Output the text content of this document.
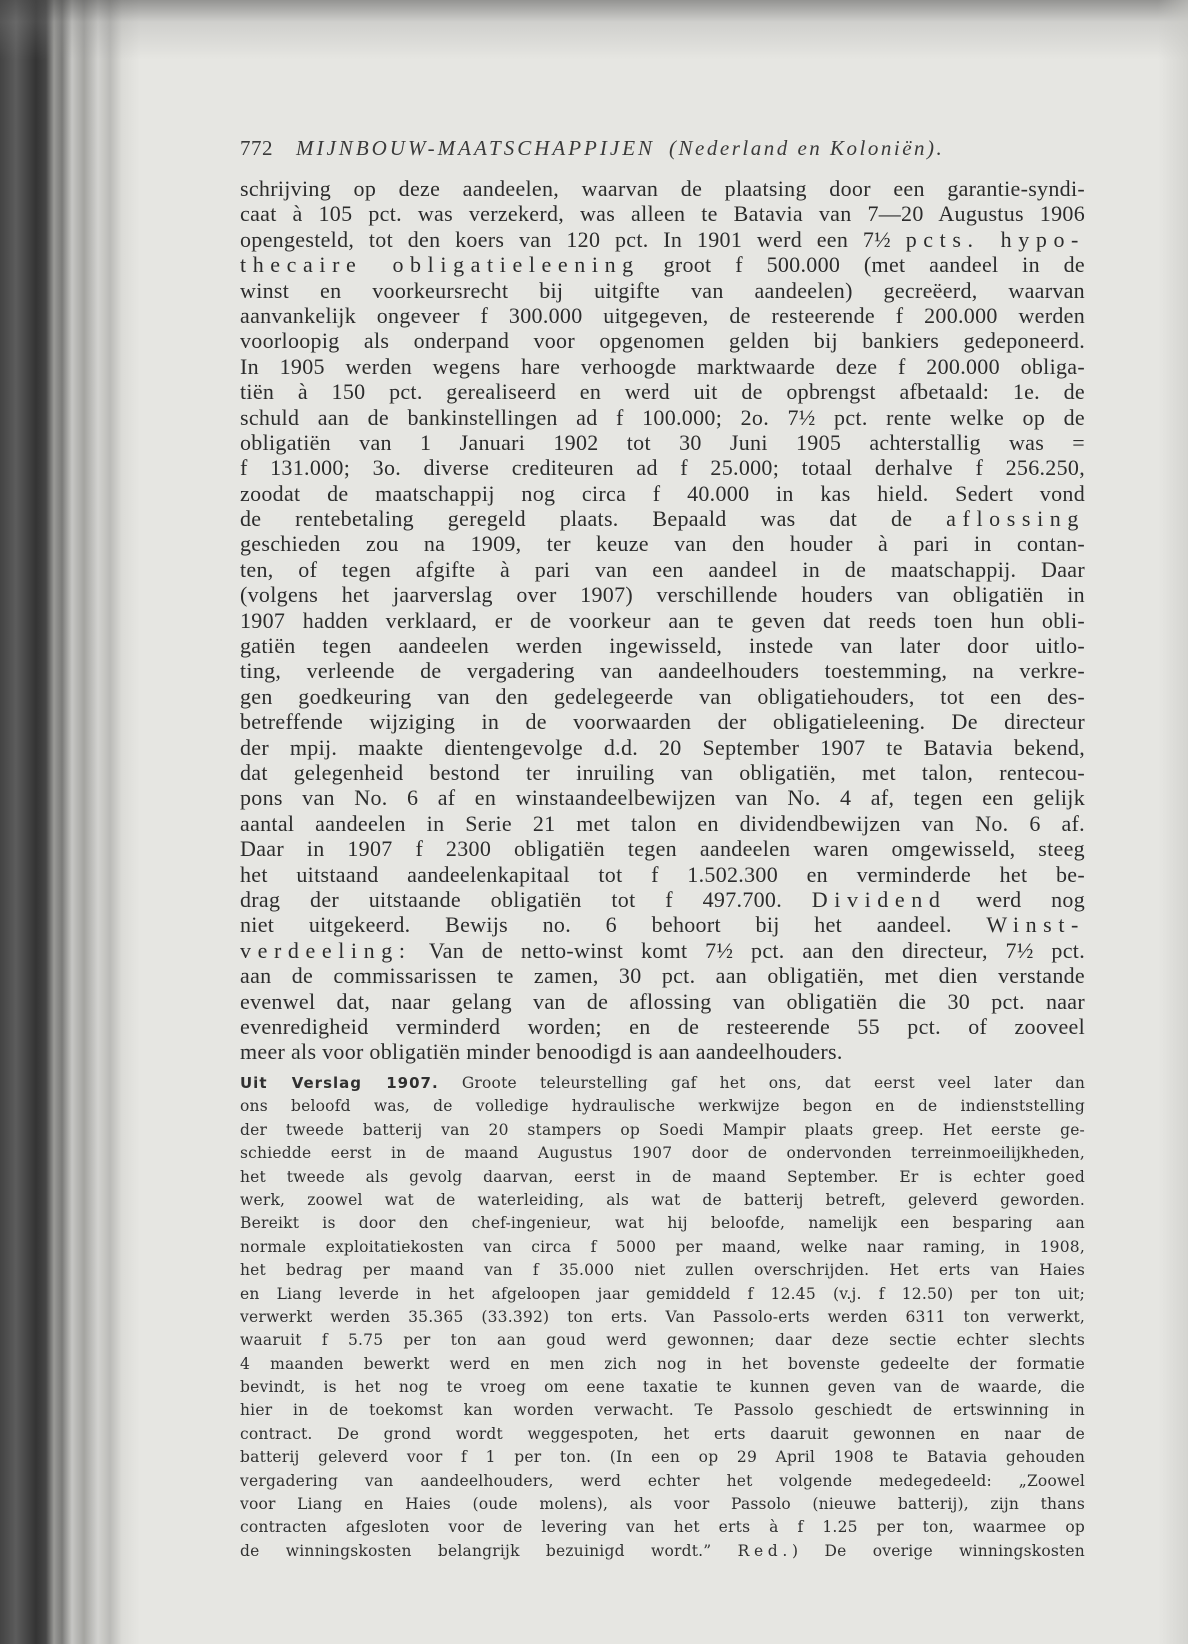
772 MIJNBOUW-MAATSCHAPPIJEN (Nederland en Koloniën).
schrijving op deze aandeelen, waarvan de plaatsing door een garantie-syndi-
caat à 105 pct. was verzekerd, was alleen te Batavia van 7—20 Augustus 1906
opengesteld, tot den koers van 120 pct. In 1901 werd een 7½ pcts. hypo-
thecaire obligatieleening groot f 500.000 (met aandeel in de
winst en voorkeursrecht bij uitgifte van aandeelen) gecreëerd, waarvan
aanvankelijk ongeveer f 300.000 uitgegeven, de resteerende f 200.000 werden
voorloopig als onderpand voor opgenomen gelden bij bankiers gedeponeerd.
In 1905 werden wegens hare verhoogde marktwaarde deze f 200.000 obliga-
tiën à 150 pct. gerealiseerd en werd uit de opbrengst afbetaald: 1e. de
schuld aan de bankinstellingen ad f 100.000; 2o. 7½ pct. rente welke op de
obligatiën van 1 Januari 1902 tot 30 Juni 1905 achterstallig was =
f 131.000; 3o. diverse crediteuren ad f 25.000; totaal derhalve f 256.250,
zoodat de maatschappij nog circa f 40.000 in kas hield. Sedert vond
de rentebetaling geregeld plaats. Bepaald was dat de aflossing
geschieden zou na 1909, ter keuze van den houder à pari in contan-
ten, of tegen afgifte à pari van een aandeel in de maatschappij. Daar
(volgens het jaarverslag over 1907) verschillende houders van obligatiën in
1907 hadden verklaard, er de voorkeur aan te geven dat reeds toen hun obli-
gatiën tegen aandeelen werden ingewisseld, instede van later door uitlo-
ting, verleende de vergadering van aandeelhouders toestemming, na verkre-
gen goedkeuring van den gedelegeerde van obligatiehouders, tot een des-
betreffende wijziging in de voorwaarden der obligatieleening. De directeur
der mpij. maakte dientengevolge d.d. 20 September 1907 te Batavia bekend,
dat gelegenheid bestond ter inruiling van obligatiën, met talon, rentecou-
pons van No. 6 af en winstaandeelbewijzen van No. 4 af, tegen een gelijk
aantal aandeelen in Serie 21 met talon en dividendbewijzen van No. 6 af.
Daar in 1907 f 2300 obligatiën tegen aandeelen waren omgewisseld, steeg
het uitstaand aandeelenkapitaal tot f 1.502.300 en verminderde het be-
drag der uitstaande obligatiën tot f 497.700. Dividend werd nog
niet uitgekeerd. Bewijs no. 6 behoort bij het aandeel. Winst-
verdeeling: Van de netto-winst komt 7½ pct. aan den directeur, 7½ pct.
aan de commissarissen te zamen, 30 pct. aan obligatiën, met dien verstande
evenwel dat, naar gelang van de aflossing van obligatiën die 30 pct. naar
evenredigheid verminderd worden; en de resteerende 55 pct. of zooveel
meer als voor obligatiën minder benoodigd is aan aandeelhouders.
Uit Verslag 1907. Groote teleurstelling gaf het ons, dat eerst veel later dan
ons beloofd was, de volledige hydraulische werkwijze begon en de indienststelling
der tweede batterij van 20 stampers op Soedi Mampir plaats greep. Het eerste ge-
schiedde eerst in de maand Augustus 1907 door de ondervonden terreinmoeilijkheden,
het tweede als gevolg daarvan, eerst in de maand September. Er is echter goed
werk, zoowel wat de waterleiding, als wat de batterij betreft, geleverd geworden.
Bereikt is door den chef-ingenieur, wat hij beloofde, namelijk een besparing aan
normale exploitatiekosten van circa f 5000 per maand, welke naar raming, in 1908,
het bedrag per maand van f 35.000 niet zullen overschrijden. Het erts van Haies
en Liang leverde in het afgeloopen jaar gemiddeld f 12.45 (v.j. f 12.50) per ton uit;
verwerkt werden 35.365 (33.392) ton erts. Van Passolo-erts werden 6311 ton verwerkt,
waaruit f 5.75 per ton aan goud werd gewonnen; daar deze sectie echter slechts
4 maanden bewerkt werd en men zich nog in het bovenste gedeelte der formatie
bevindt, is het nog te vroeg om eene taxatie te kunnen geven van de waarde, die
hier in de toekomst kan worden verwacht. Te Passolo geschiedt de ertswinning in
contract. De grond wordt weggespoten, het erts daaruit gewonnen en naar de
batterij geleverd voor f 1 per ton. (In een op 29 April 1908 te Batavia gehouden
vergadering van aandeelhouders, werd echter het volgende medegedeeld: „Zoowel
voor Liang en Haies (oude molens), als voor Passolo (nieuwe batterij), zijn thans
contracten afgesloten voor de levering van het erts à f 1.25 per ton, waarmee op
de winningskosten belangrijk bezuinigd wordt.” Red.) De overige winningskosten
